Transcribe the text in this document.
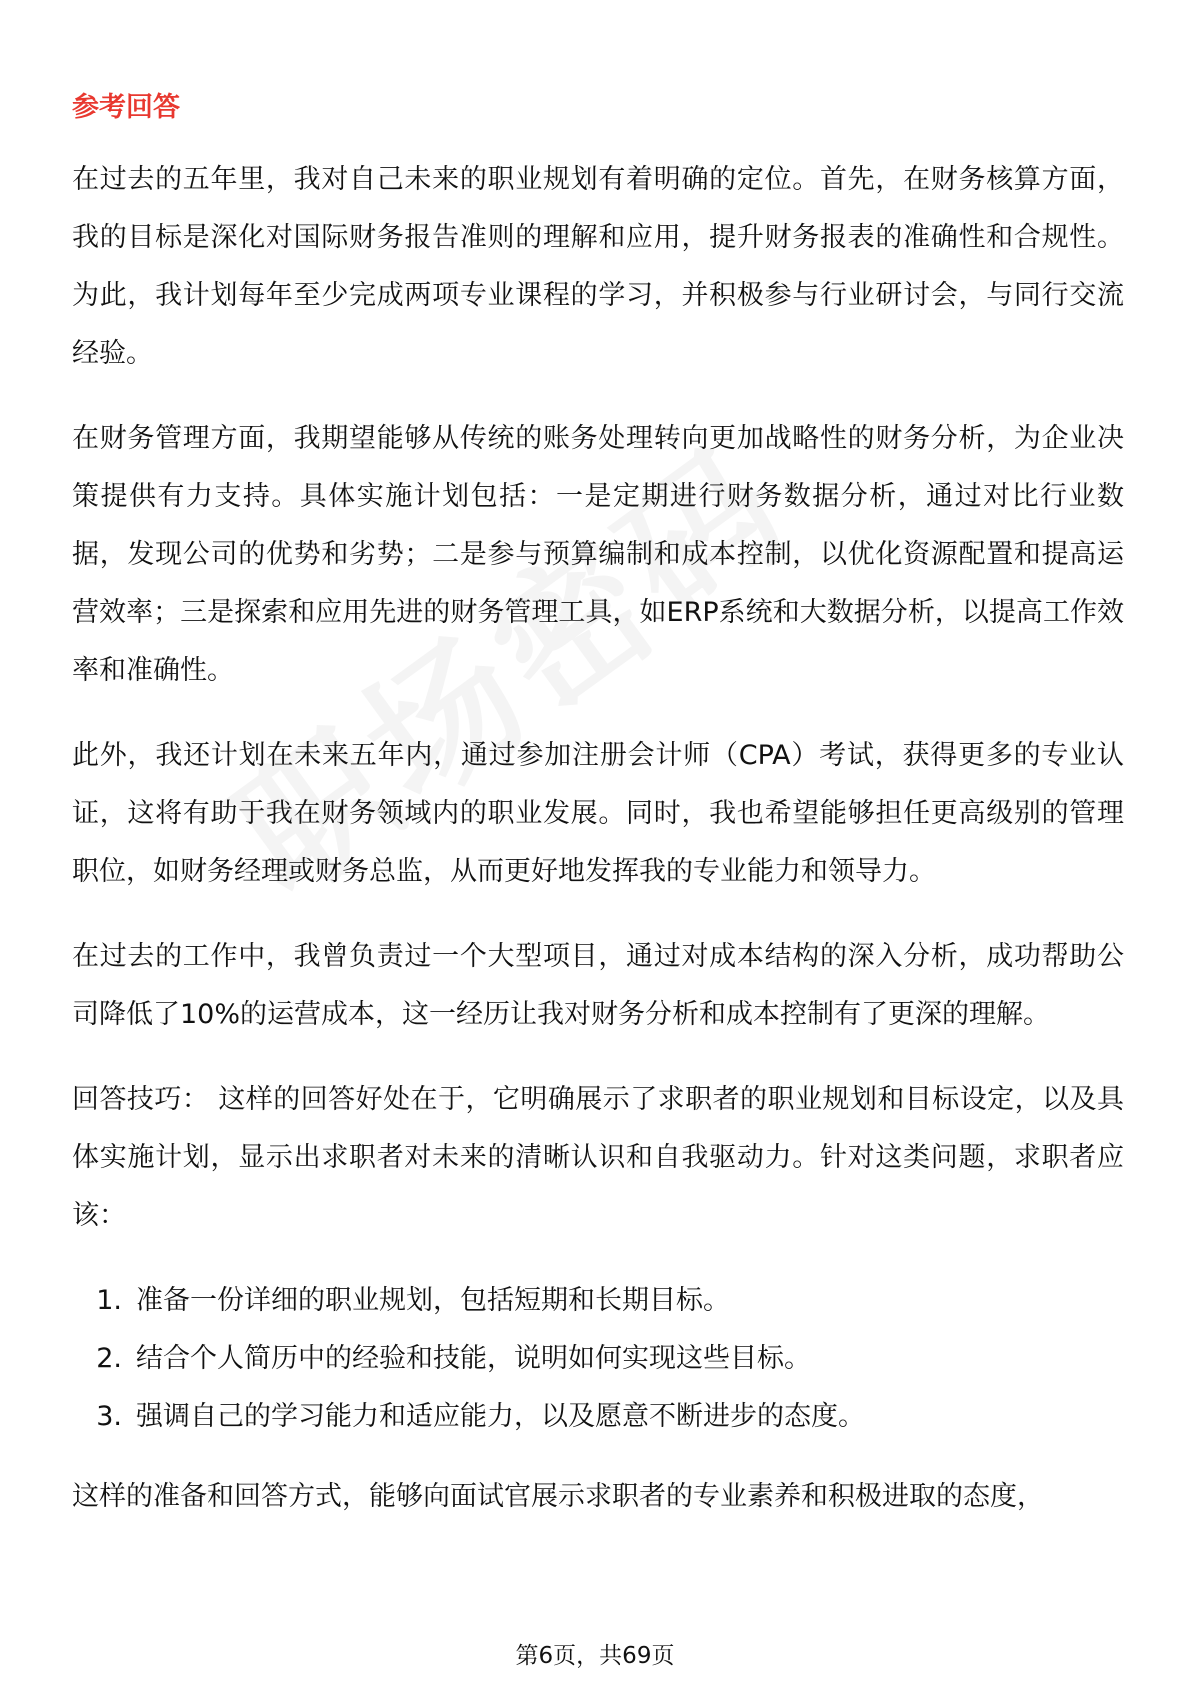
参考回答

在过去的五年里，我对自己未来的职业规划有着明确的定位。首先，在财务核算方面，我的目标是深化对国际财务报告准则的理解和应用，提升财务报表的准确性和合规性。为此，我计划每年至少完成两项专业课程的学习，并积极参与行业研讨会，与同行交流经验。

在财务管理方面，我期望能够从传统的账务处理转向更加战略性的财务分析，为企业决策提供有力支持。具体实施计划包括：一是定期进行财务数据分析，通过对比行业数据，发现公司的优势和劣势；二是参与预算编制和成本控制，以优化资源配置和提高运营效率；三是探索和应用先进的财务管理工具，如ERP系统和大数据分析，以提高工作效率和准确性。

此外，我还计划在未来五年内，通过参加注册会计师（CPA）考试，获得更多的专业认证，这将有助于我在财务领域内的职业发展。同时，我也希望能够担任更高级别的管理职位，如财务经理或财务总监，从而更好地发挥我的专业能力和领导力。

在过去的工作中，我曾负责过一个大型项目，通过对成本结构的深入分析，成功帮助公司降低了10%的运营成本，这一经历让我对财务分析和成本控制有了更深的理解。

回答技巧： 这样的回答好处在于，它明确展示了求职者的职业规划和目标设定，以及具体实施计划，显示出求职者对未来的清晰认识和自我驱动力。针对这类问题，求职者应该：

1. 准备一份详细的职业规划，包括短期和长期目标。
2. 结合个人简历中的经验和技能，说明如何实现这些目标。
3. 强调自己的学习能力和适应能力，以及愿意不断进步的态度。

这样的准备和回答方式，能够向面试官展示求职者的专业素养和积极进取的态度，

第6页，共69页
